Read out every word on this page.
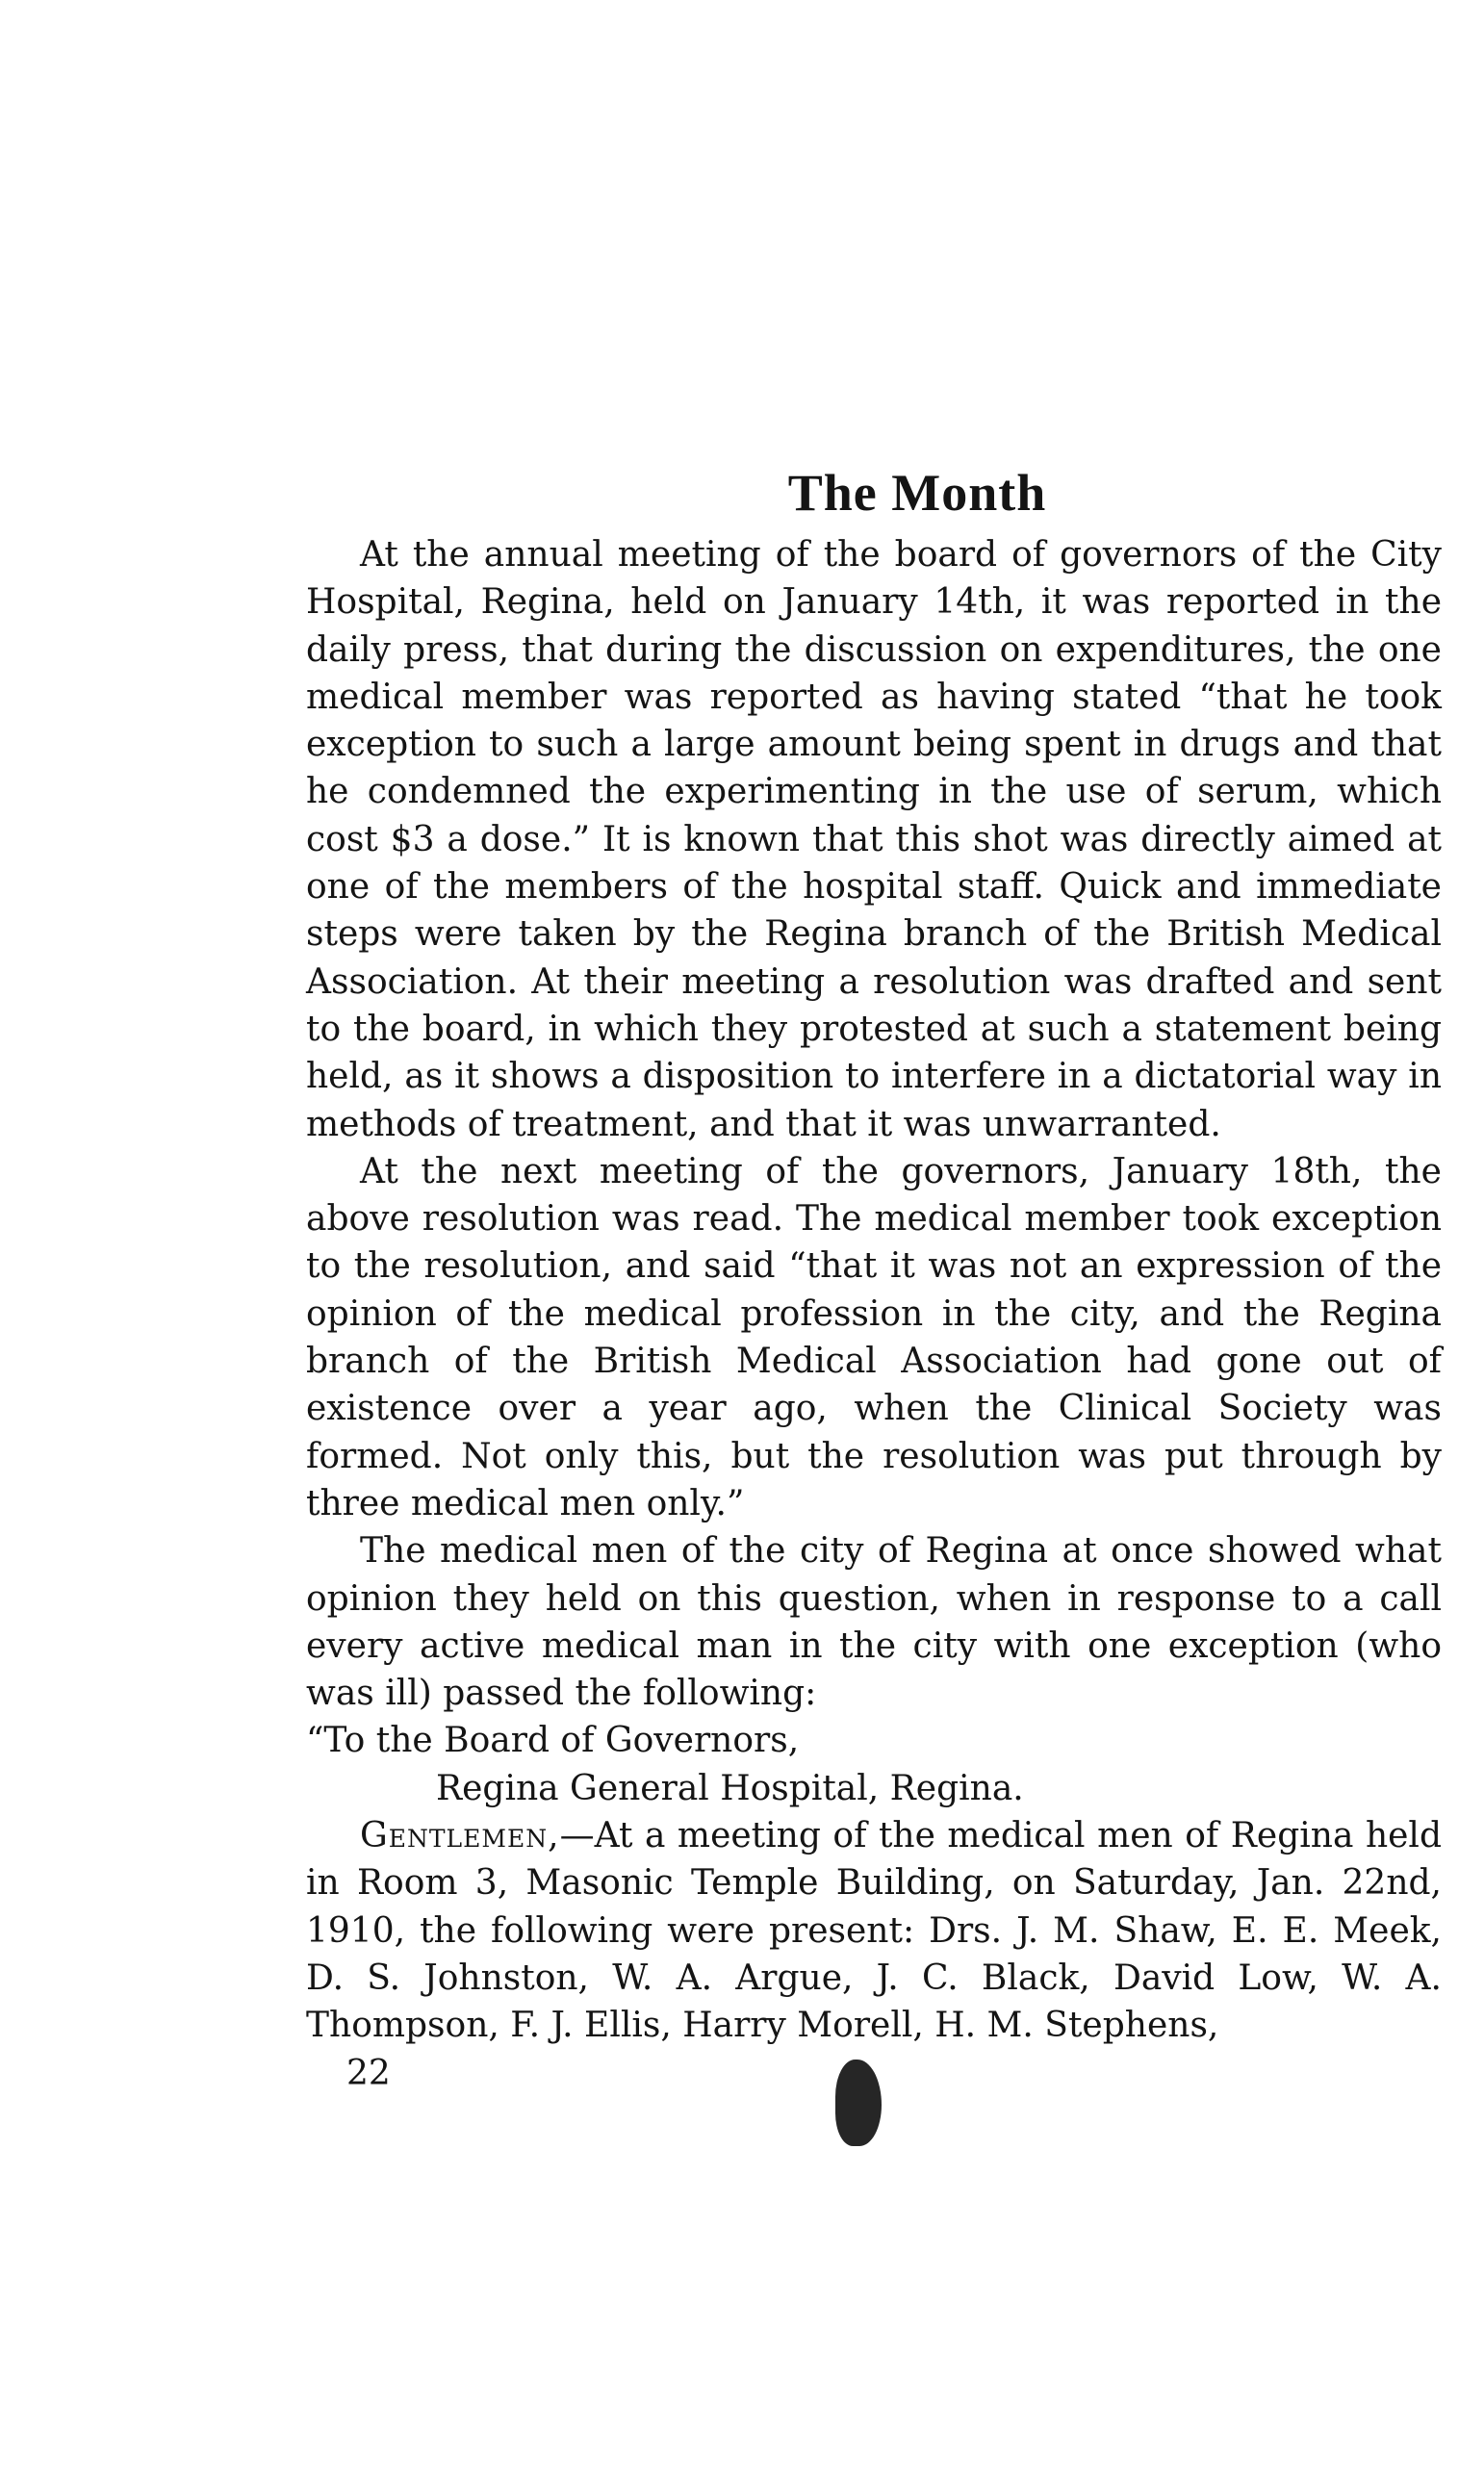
The Month

At the annual meeting of the board of governors of the City Hospital, Regina, held on January 14th, it was reported in the daily press, that during the discussion on expenditures, the one medical member was reported as having stated “that he took exception to such a large amount being spent in drugs and that he condemned the experimenting in the use of serum, which cost $3 a dose.” It is known that this shot was directly aimed at one of the members of the hospital staff. Quick and immediate steps were taken by the Regina branch of the British Medical Association. At their meeting a resolution was drafted and sent to the board, in which they protested at such a statement being held, as it shows a disposition to interfere in a dictatorial way in methods of treatment, and that it was unwarranted.

At the next meeting of the governors, January 18th, the above resolution was read. The medical member took exception to the resolution, and said “that it was not an expression of the opinion of the medical profession in the city, and the Regina branch of the British Medical Association had gone out of existence over a year ago, when the Clinical Society was formed. Not only this, but the resolution was put through by three medical men only.”

The medical men of the city of Regina at once showed what opinion they held on this question, when in response to a call every active medical man in the city with one exception (who was ill) passed the following:

“To the Board of Governors,

Regina General Hospital, Regina.

Gentlemen,—At a meeting of the medical men of Regina held in Room 3, Masonic Temple Building, on Saturday, Jan. 22nd, 1910, the following were present: Drs. J. M. Shaw, E. E. Meek, D. S. Johnston, W. A. Argue, J. C. Black, David Low, W. A. Thompson, F. J. Ellis, Harry Morell, H. M. Stephens,

22
